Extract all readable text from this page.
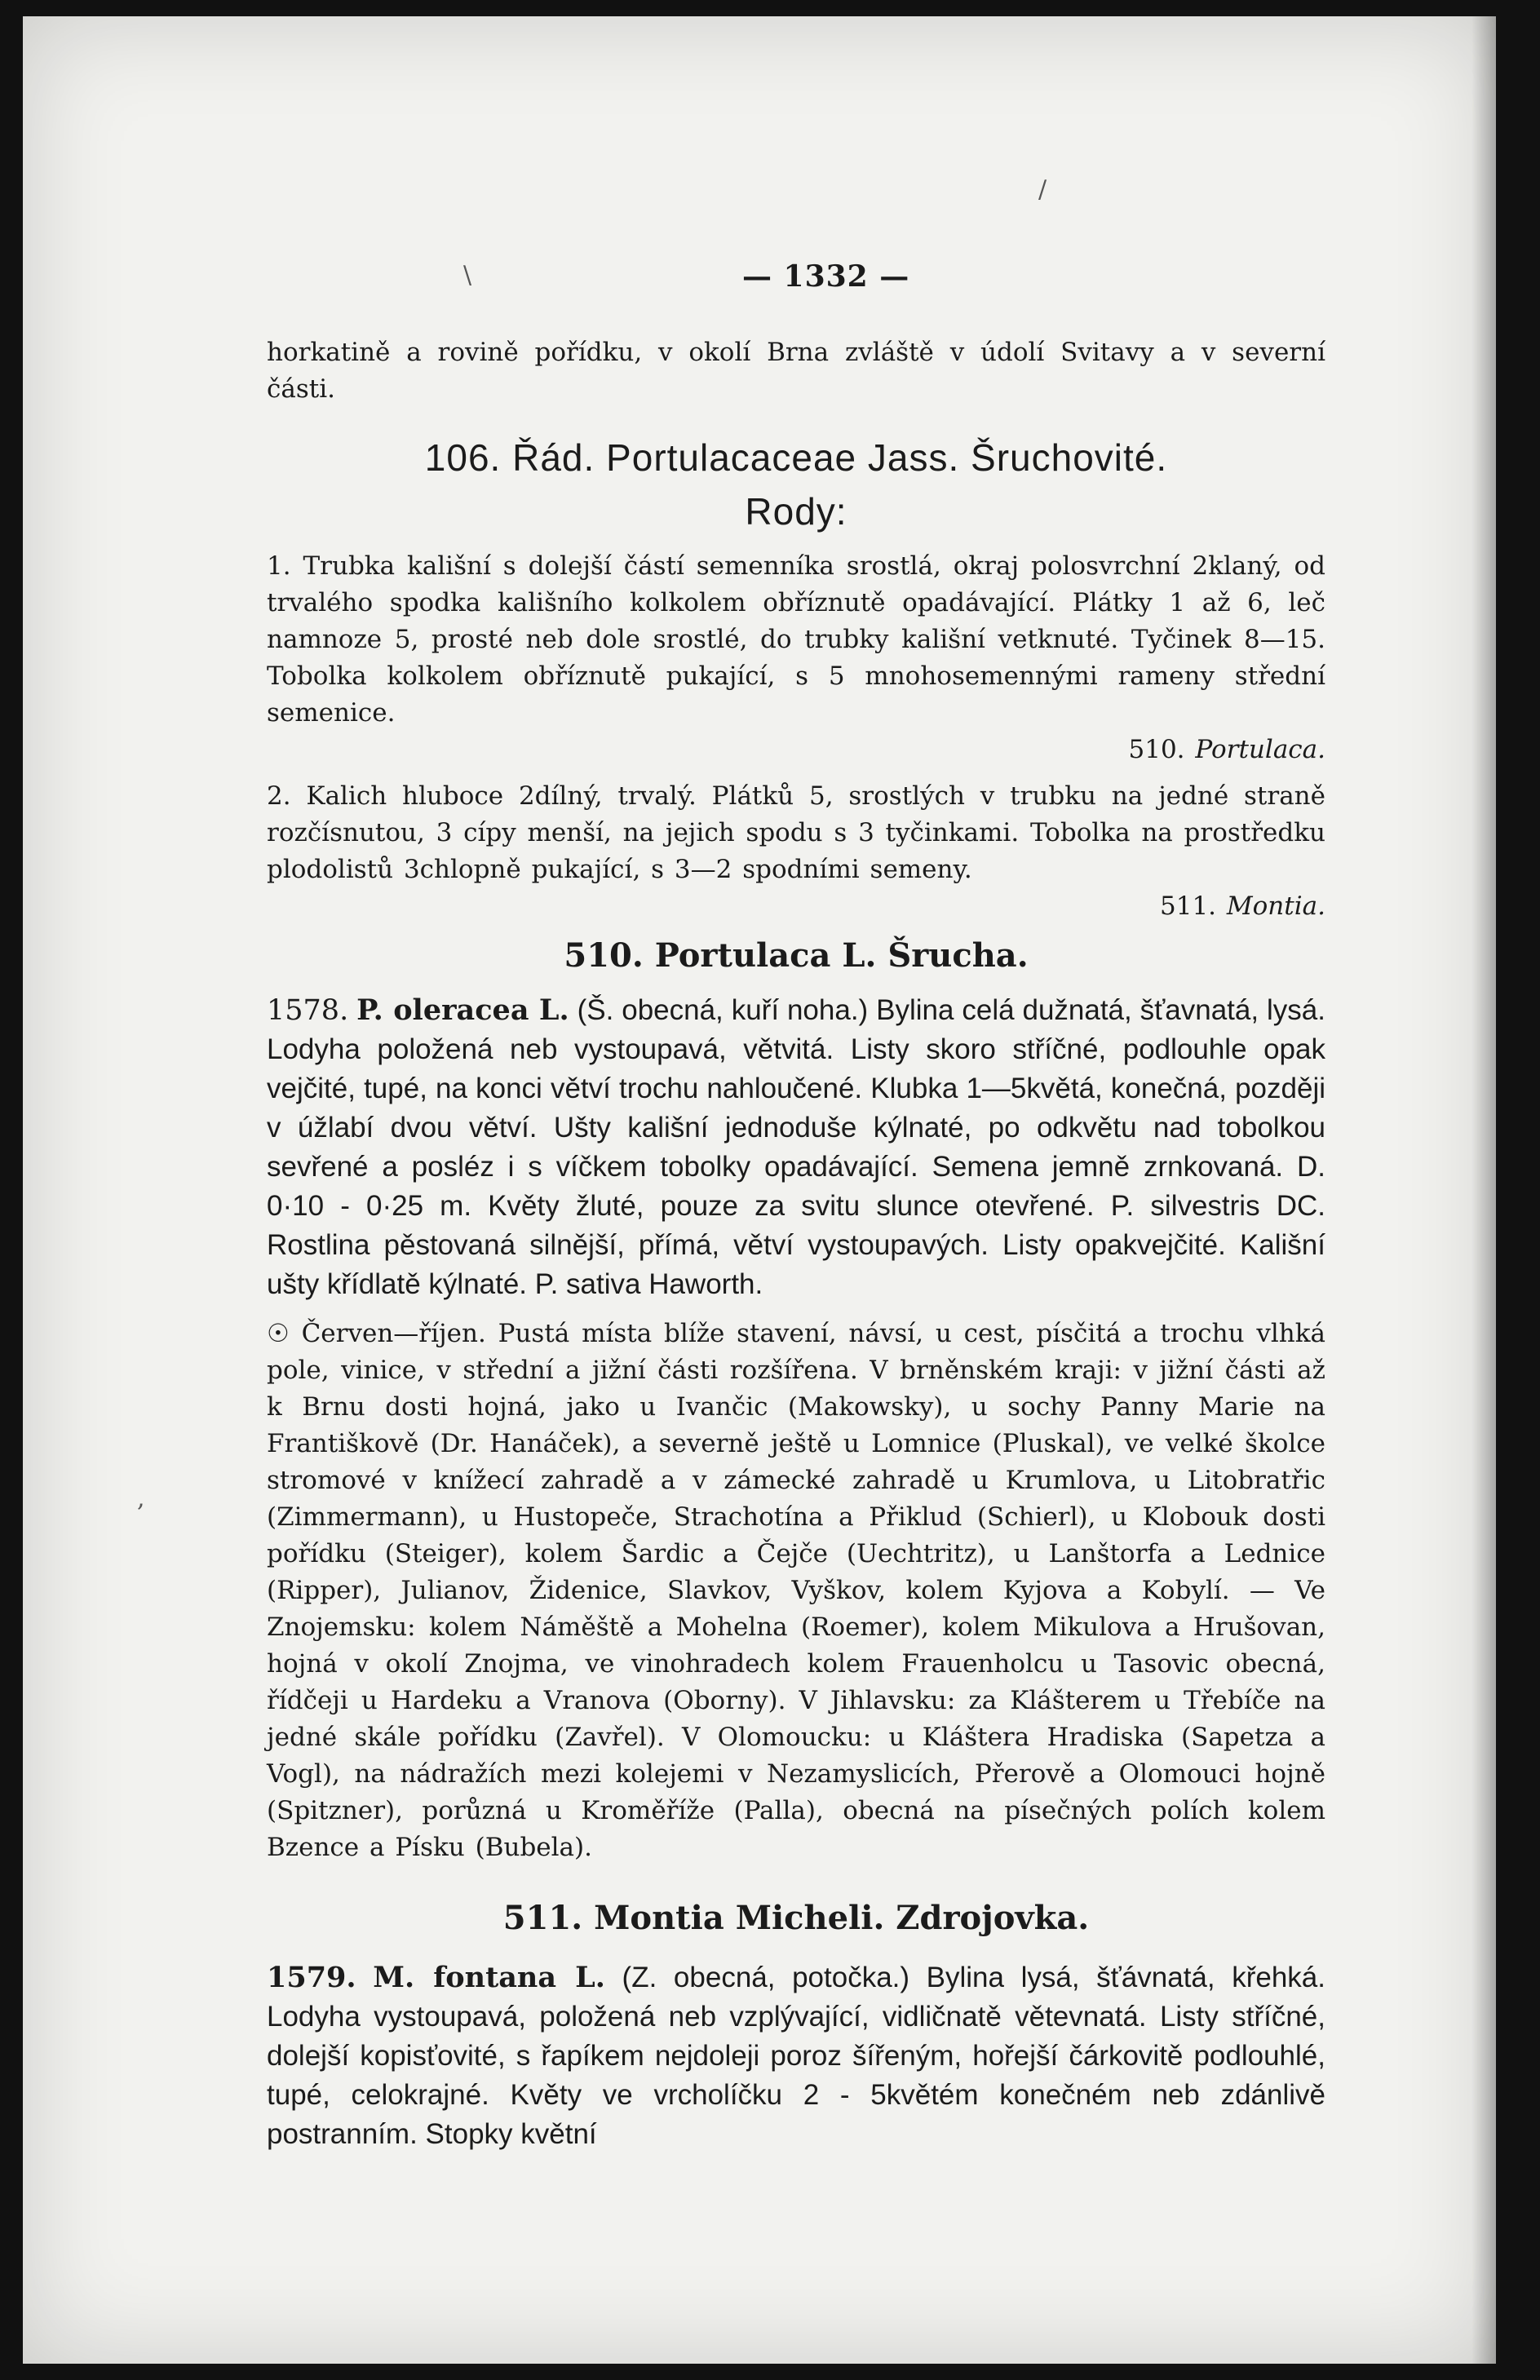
\
/
,
— 1332 —

horkatině a rovině pořídku, v okolí Brna zvláště v údolí Svitavy a v severní části.

106. Řád. Portulacaceae Jass. Šruchovité.
Rody:

1. Trubka kališní s dolejší částí semenníka srostlá, okraj polosvrchní 2klaný, od trvalého spodka kališního kolkolem obříznutě opadávající. Plátky 1 až 6, leč namnoze 5, prosté neb dole srostlé, do trubky kališní vetknuté. Tyčinek 8—15. Tobolka kolkolem obříznutě pukající, s 5 mnohosemennými rameny střední semenice.

510. Portulaca.

2. Kalich hluboce 2dílný, trvalý. Plátků 5, srostlých v trubku na jedné straně rozčísnutou, 3 cípy menší, na jejich spodu s 3 tyčinkami. Tobolka na prostředku plodolistů 3chlopně pukající, s 3—2 spodními semeny.

511. Montia.

510. Portulaca L. Šrucha.

1578. P. oleracea L. (Š. obecná, kuří noha.) Bylina celá dužnatá, šťavnatá, lysá. Lodyha položená neb vystoupavá, větvitá. Listy skoro stříčné, podlouhle opak vejčité, tupé, na konci větví trochu nahloučené. Klubka 1—5květá, konečná, později v úžlabí dvou větví. Ušty kališní jednoduše kýlnaté, po odkvětu nad tobolkou sevřené a posléz i s víčkem tobolky opadávající. Semena jemně zrnkovaná. D. 0·10 - 0·25 m. Květy žluté, pouze za svitu slunce otevřené. P. silvestris DC. Rostlina pěstovaná silnější, přímá, větví vystoupavých. Listy opakvejčité. Kališní ušty křídlatě kýlnaté. P. sativa Haworth.

☉ Červen—říjen. Pustá místa blíže stavení, návsí, u cest, písčitá a trochu vlhká pole, vinice, v střední a jižní části rozšířena. V brněnském kraji: v jižní části až k Brnu dosti hojná, jako u Ivančic (Makowsky), u sochy Panny Marie na Františkově (Dr. Hanáček), a severně ještě u Lomnice (Pluskal), ve velké školce stromové v knížecí zahradě a v zámecké zahradě u Krumlova, u Litobratřic (Zimmermann), u Hustopeče, Strachotína a Přiklud (Schierl), u Klobouk dosti pořídku (Steiger), kolem Šardic a Čejče (Uechtritz), u Lanštorfa a Lednice (Ripper), Julianov, Židenice, Slavkov, Vyškov, kolem Kyjova a Kobylí. — Ve Znojemsku: kolem Náměště a Mohelna (Roemer), kolem Mikulova a Hrušovan, hojná v okolí Znojma, ve vinohradech kolem Frauenholcu u Tasovic obecná, řídčeji u Hardeku a Vranova (Oborny). V Jihlavsku: za Klášterem u Třebíče na jedné skále pořídku (Zavřel). V Olomoucku: u Kláštera Hradiska (Sapetza a Vogl), na nádražích mezi kolejemi v Nezamyslicích, Přerově a Olomouci hojně (Spitzner), porůzná u Kroměříže (Palla), obecná na písečných polích kolem Bzence a Písku (Bubela).

511. Montia Micheli. Zdrojovka.

1579. M. fontana L. (Z. obecná, potočka.) Bylina lysá, šťávnatá, křehká. Lodyha vystoupavá, položená neb vzplývající, vidličnatě větevnatá. Listy stříčné, dolejší kopisťovité, s řapíkem nejdoleji poroz šířeným, hořejší čárkovitě podlouhlé, tupé, celokrajné. Květy ve vrcholíčku 2 - 5květém konečném neb zdánlivě postranním. Stopky květní
